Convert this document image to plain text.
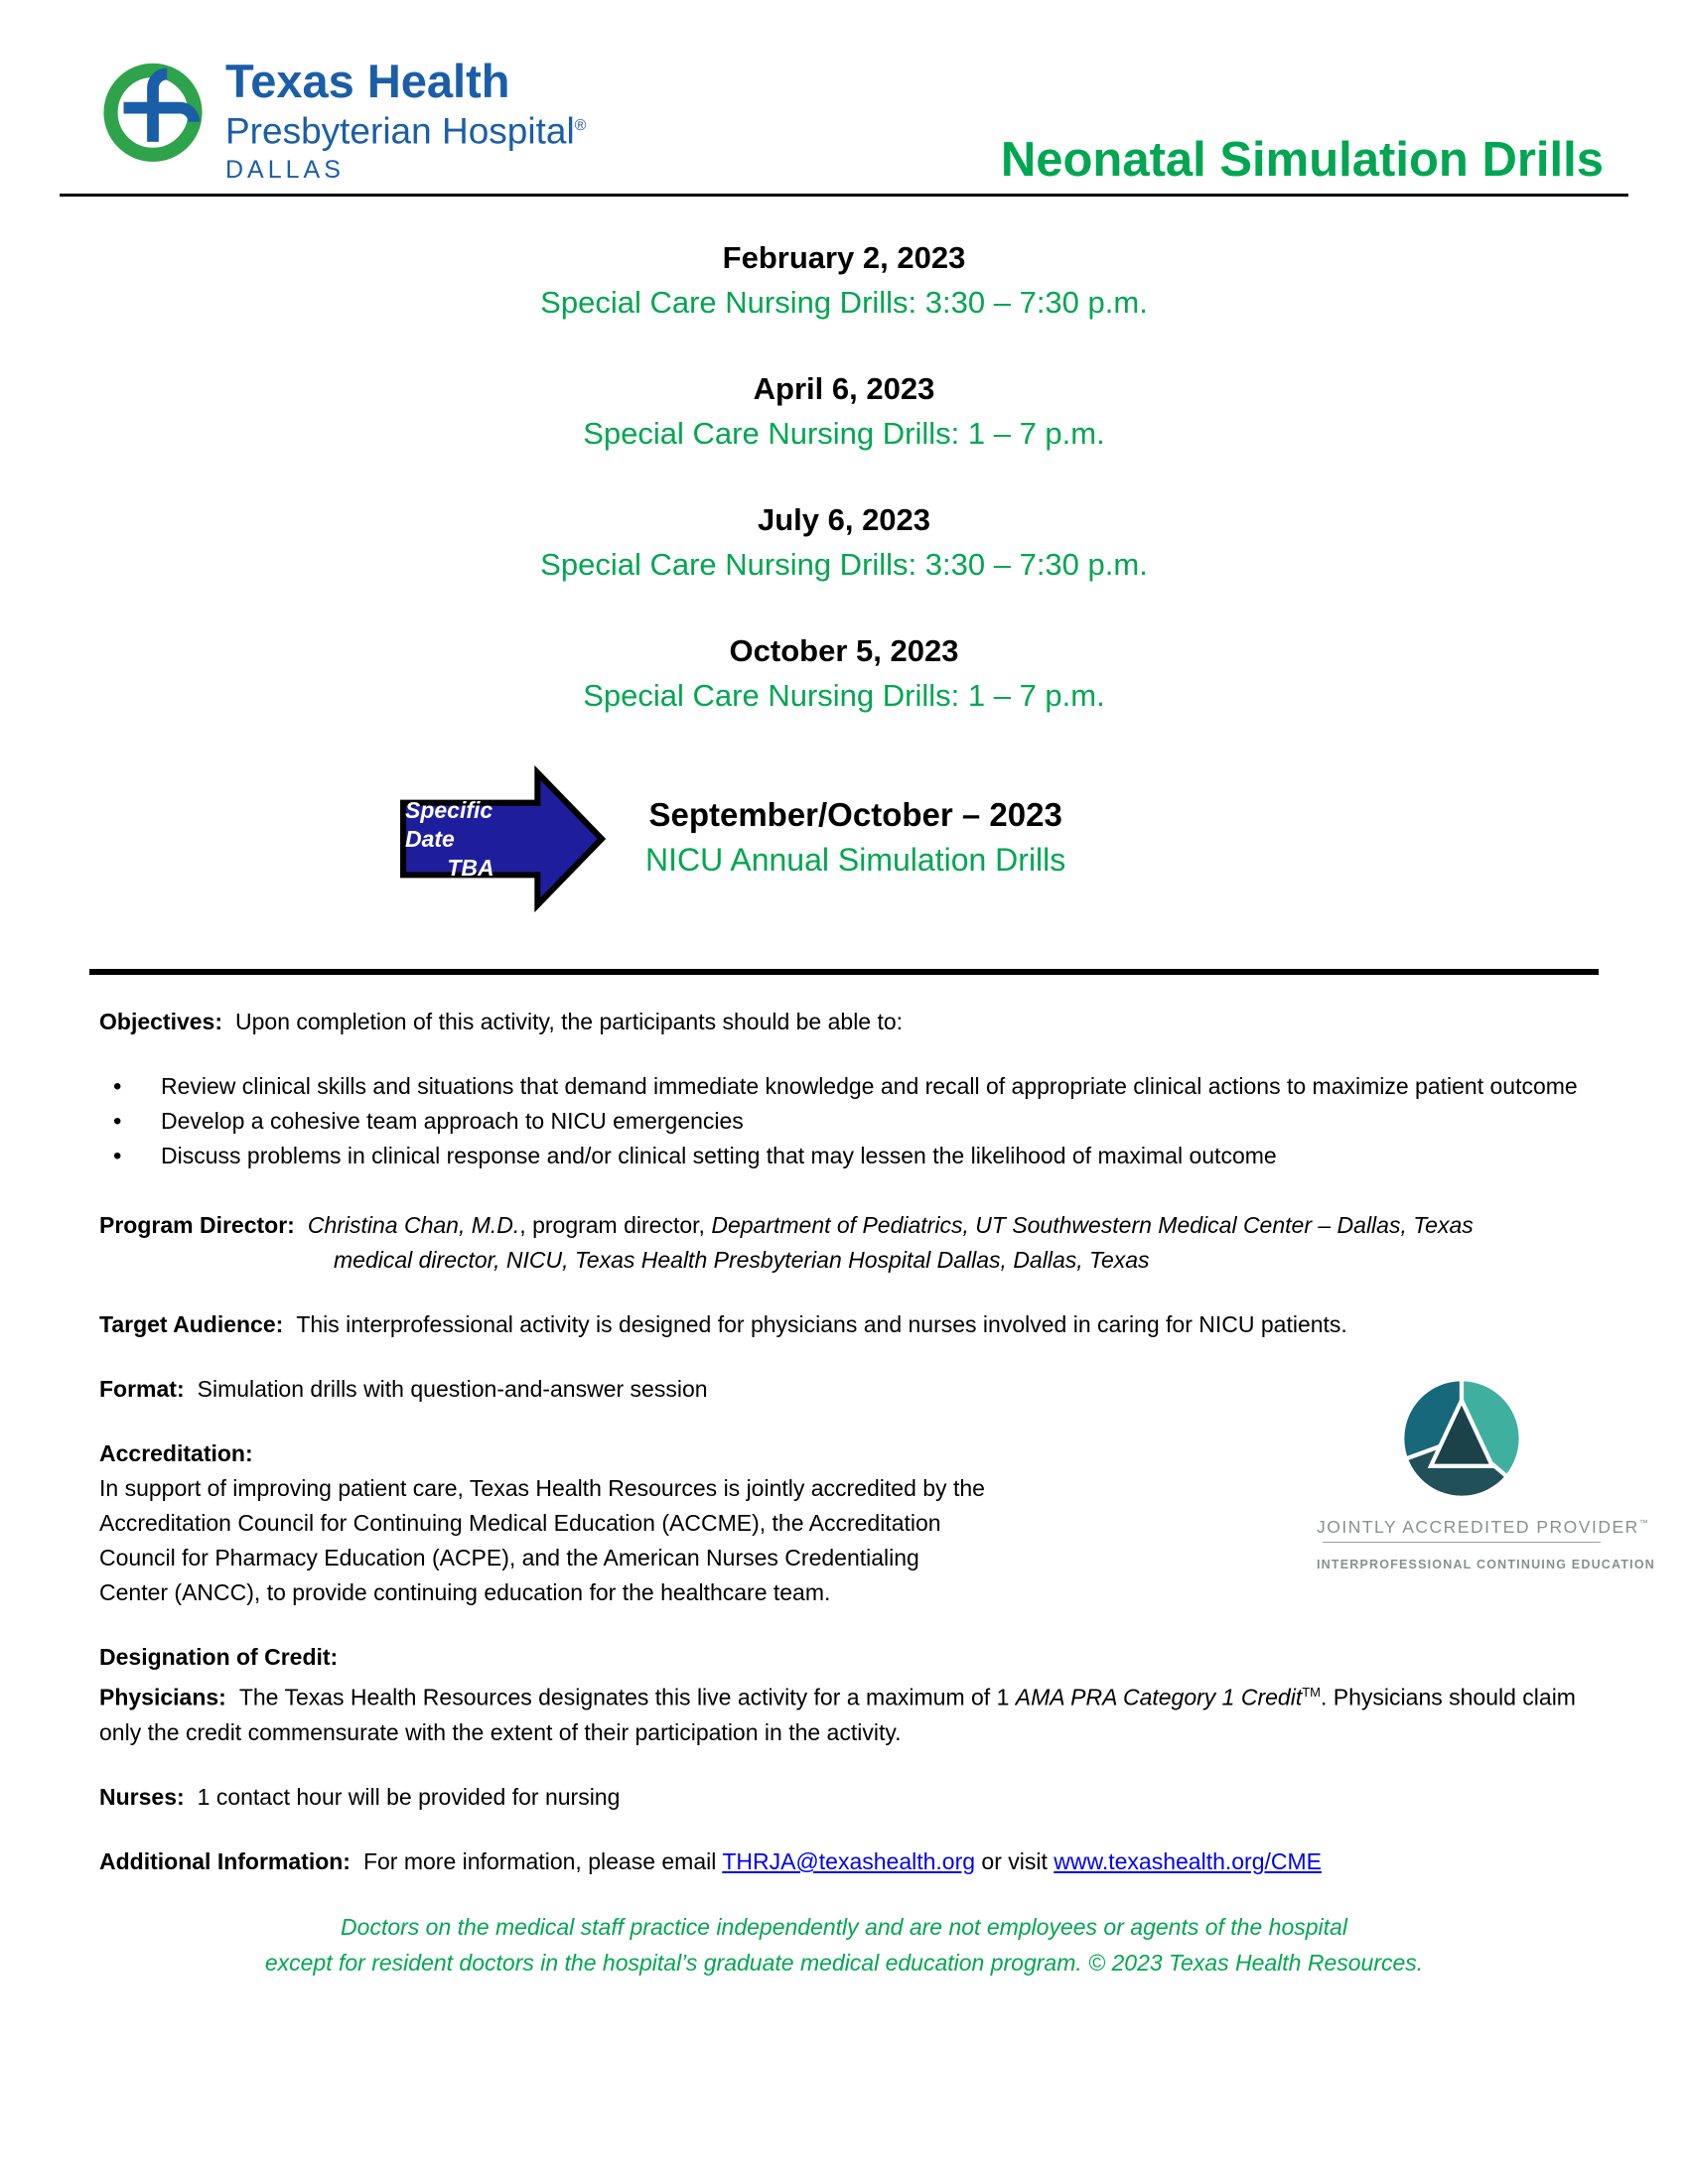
Texas Health
Presbyterian Hospital®
DALLAS	Neonatal Simulation Drills
February 2, 2023
Special Care Nursing Drills: 3:30 – 7:30 p.m.
April 6, 2023
Special Care Nursing Drills: 1 – 7 p.m.
July 6, 2023
Special Care Nursing Drills: 3:30 – 7:30 p.m.
October 5, 2023
Special Care Nursing Drills: 1 – 7 p.m.
Specific Date
TBA
September/October – 2023
NICU Annual Simulation Drills

Objectives: Upon completion of this activity, the participants should be able to:

• Review clinical skills and situations that demand immediate knowledge and recall of appropriate clinical actions to maximize patient outcome
• Develop a cohesive team approach to NICU emergencies
• Discuss problems in clinical response and/or clinical setting that may lessen the likelihood of maximal outcome

Program Director: Christina Chan, M.D., program director, Department of Pediatrics, UT Southwestern Medical Center – Dallas, Texas
medical director, NICU, Texas Health Presbyterian Hospital Dallas, Dallas, Texas

Target Audience: This interprofessional activity is designed for physicians and nurses involved in caring for NICU patients.

Format: Simulation drills with question-and-answer session

Accreditation:

In support of improving patient care, Texas Health Resources is jointly accredited by the Accreditation Council for Continuing Medical Education (ACCME), the Accreditation Council for Pharmacy Education (ACPE), and the American Nurses Credentialing Center (ANCC), to provide continuing education for the healthcare team.

JOINTLY ACCREDITED PROVIDER™
INTERPROFESSIONAL CONTINUING EDUCATION

Designation of Credit:

Physicians: The Texas Health Resources designates this live activity for a maximum of 1 AMA PRA Category 1 Credit™. Physicians should claim only the credit commensurate with the extent of their participation in the activity.

Nurses: 1 contact hour will be provided for nursing

Additional Information: For more information, please email THRJA@texashealth.org or visit www.texashealth.org/CME

Doctors on the medical staff practice independently and are not employees or agents of the hospital
except for resident doctors in the hospital’s graduate medical education program. © 2023 Texas Health Resources.
